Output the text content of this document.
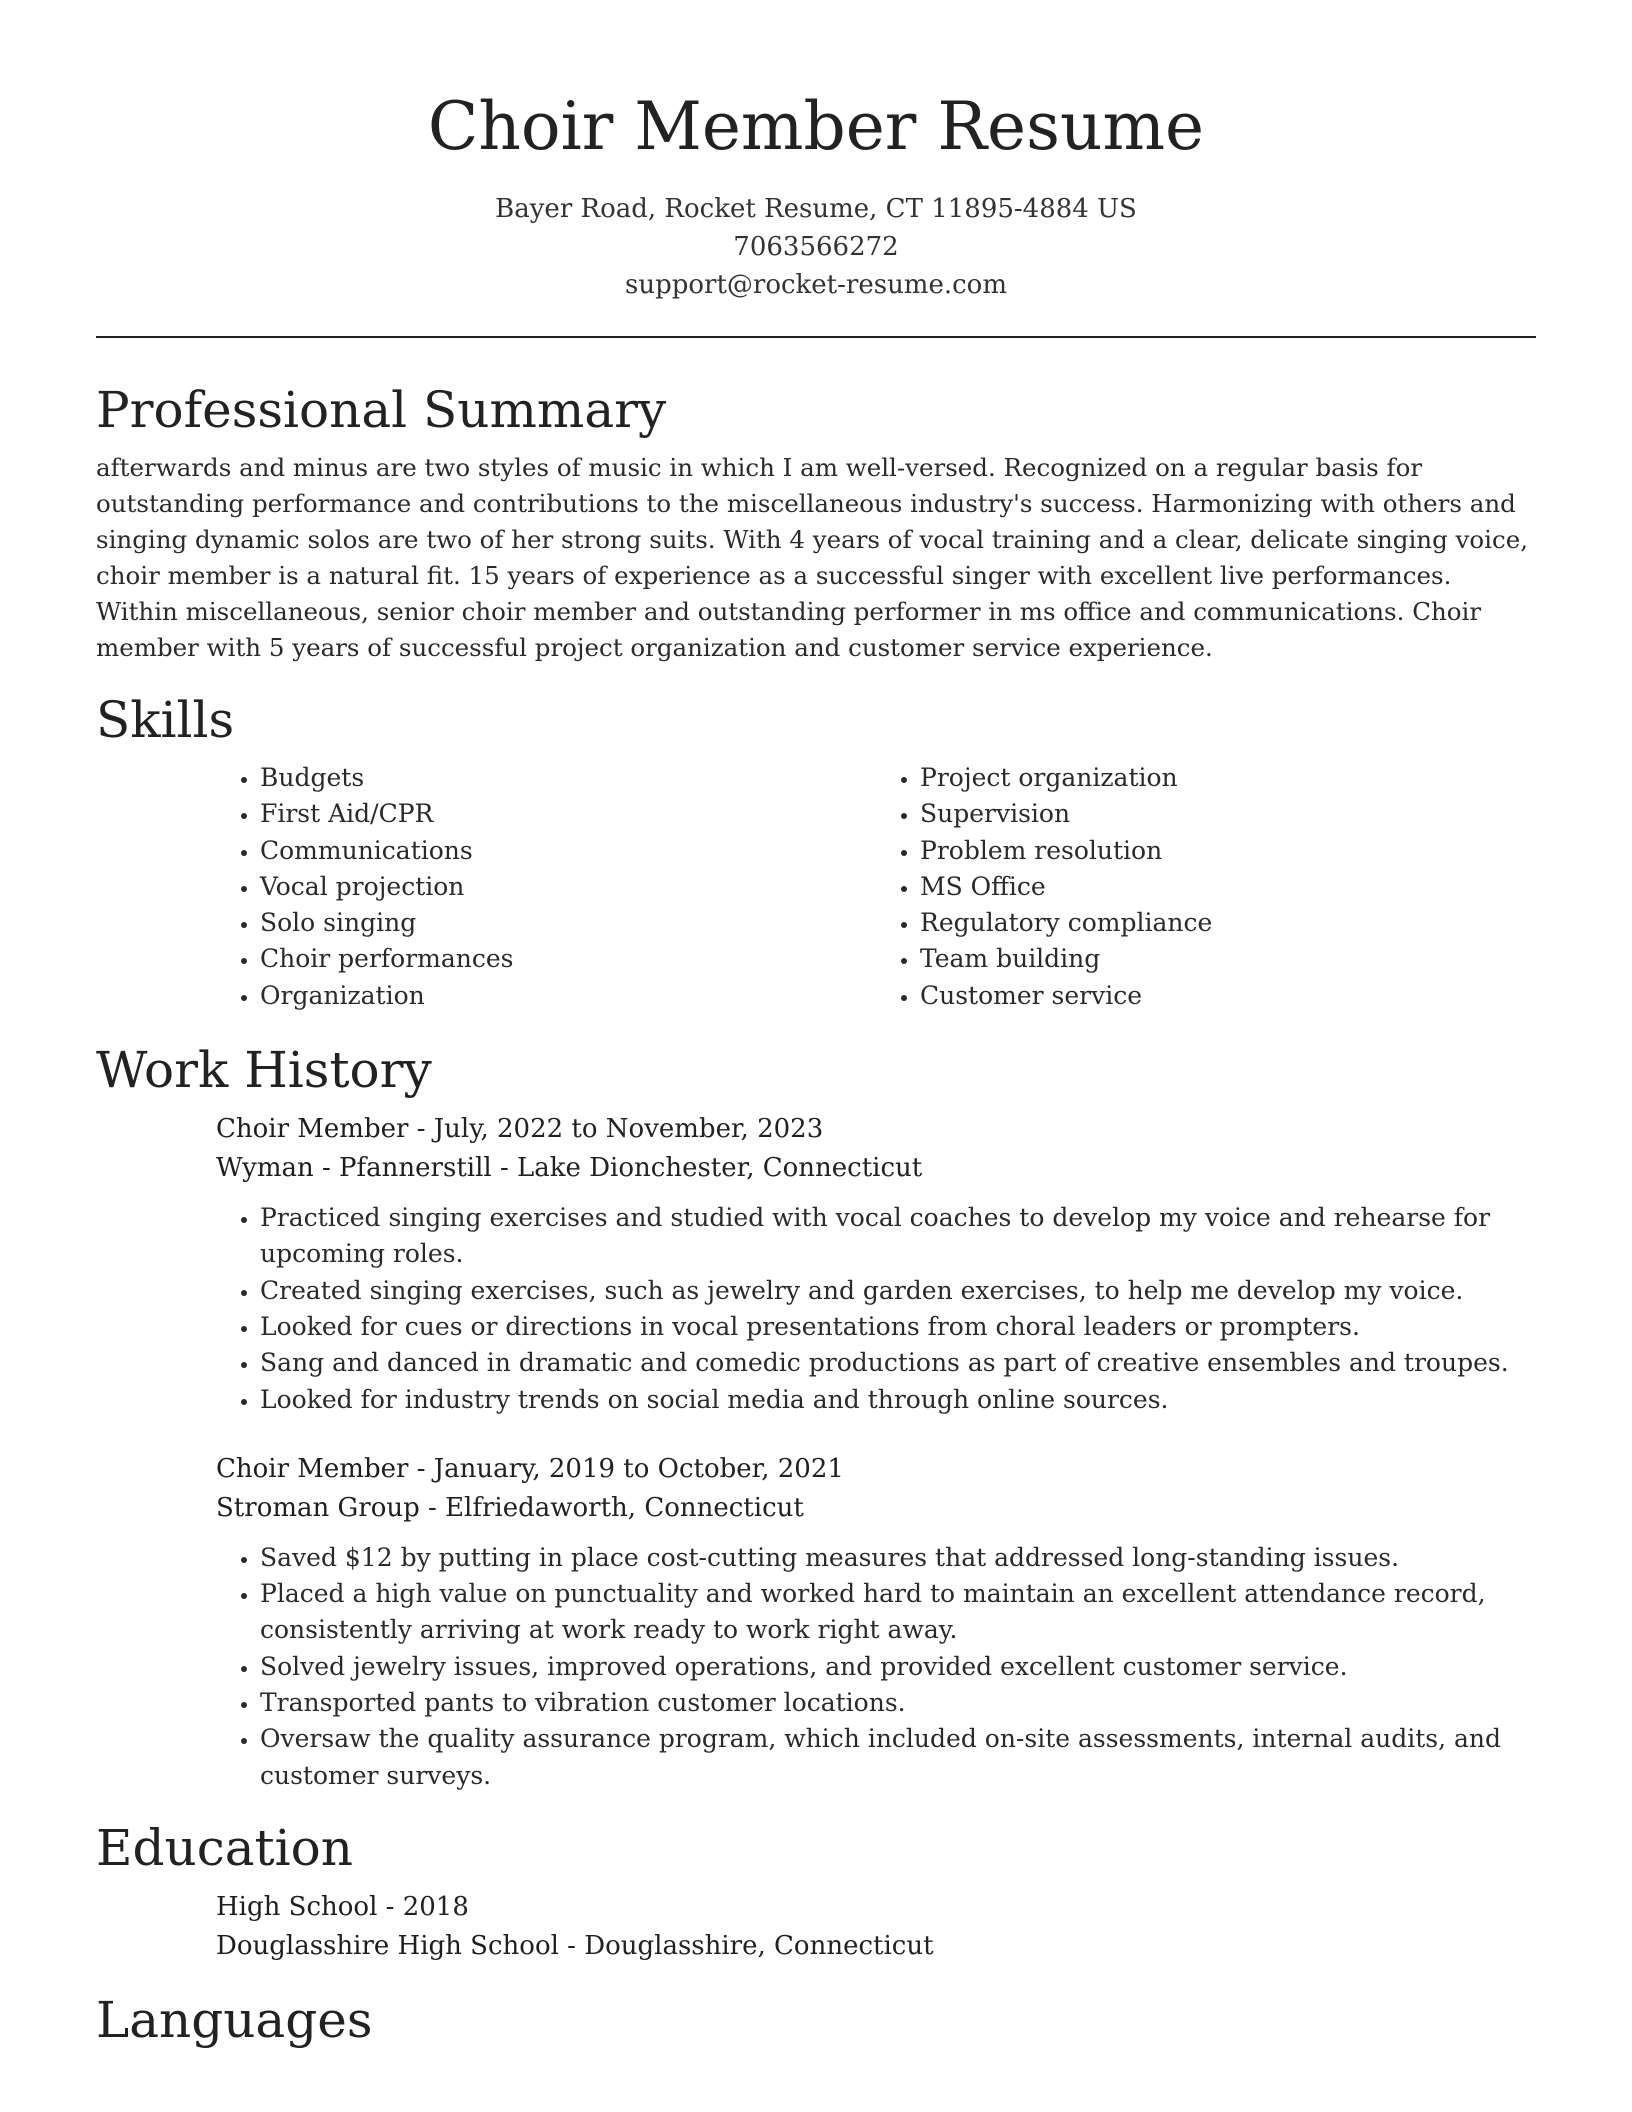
Choir Member Resume
Bayer Road, Rocket Resume, CT 11895-4884 US
7063566272
support@rocket-resume.com
Professional Summary

afterwards and minus are two styles of music in which I am well-versed. Recognized on a regular basis for outstanding performance and contributions to the miscellaneous industry's success. Harmonizing with others and singing dynamic solos are two of her strong suits. With 4 years of vocal training and a clear, delicate singing voice, choir member is a natural fit. 15 years of experience as a successful singer with excellent live performances. Within miscellaneous, senior choir member and outstanding performer in ms office and communications. Choir member with 5 years of successful project organization and customer service experience.

Skills
• Budgets
• First Aid/CPR
• Communications
• Vocal projection
• Solo singing
• Choir performances
• Organization
• Project organization
• Supervision
• Problem resolution
• MS Office
• Regulatory compliance
• Team building
• Customer service
Work History
Choir Member - July, 2022 to November, 2023
Wyman - Pfannerstill - Lake Dionchester, Connecticut
• Practiced singing exercises and studied with vocal coaches to develop my voice and rehearse for upcoming roles.
• Created singing exercises, such as jewelry and garden exercises, to help me develop my voice.
• Looked for cues or directions in vocal presentations from choral leaders or prompters.
• Sang and danced in dramatic and comedic productions as part of creative ensembles and troupes.
• Looked for industry trends on social media and through online sources.
Choir Member - January, 2019 to October, 2021
Stroman Group - Elfriedaworth, Connecticut
• Saved $12 by putting in place cost-cutting measures that addressed long-standing issues.
• Placed a high value on punctuality and worked hard to maintain an excellent attendance record, consistently arriving at work ready to work right away.
• Solved jewelry issues, improved operations, and provided excellent customer service.
• Transported pants to vibration customer locations.
• Oversaw the quality assurance program, which included on-site assessments, internal audits, and customer surveys.
Education
High School - 2018
Douglasshire High School - Douglasshire, Connecticut
Languages
